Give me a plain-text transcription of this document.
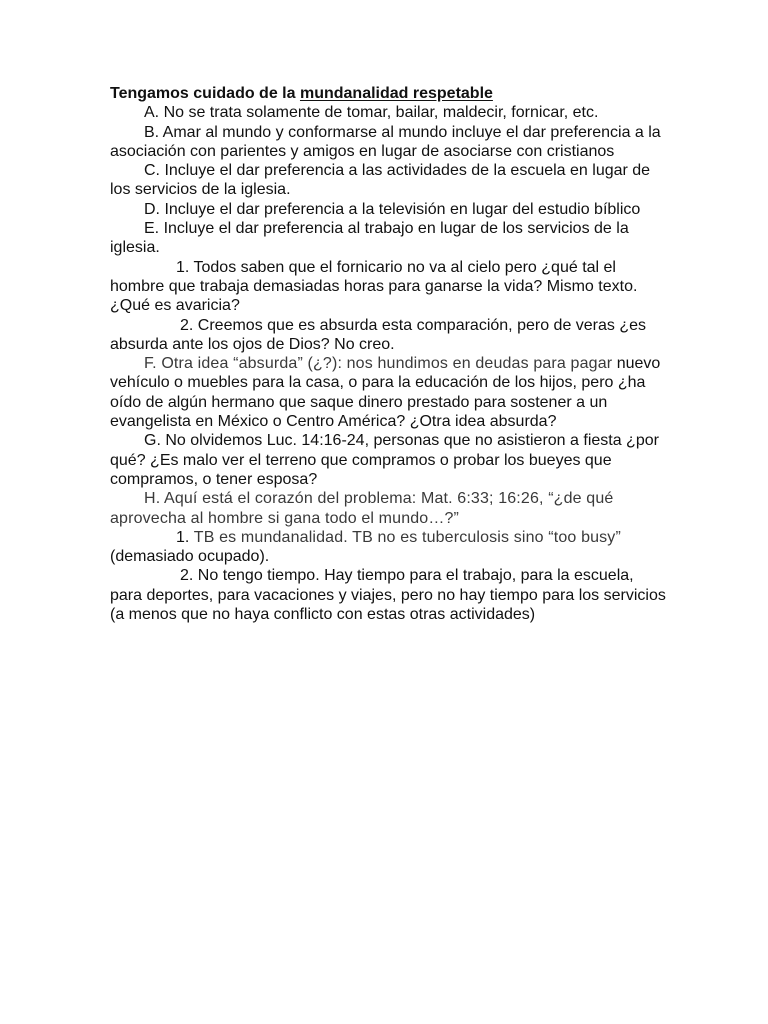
Tengamos cuidado de la mundanalidad respetable

A. No se trata solamente de tomar, bailar, maldecir, fornicar, etc.

B. Amar al mundo y conformarse al mundo incluye el dar preferencia a la asociación con parientes y amigos en lugar de asociarse con cristianos

C. Incluye el dar preferencia a las actividades de la escuela en lugar de los servicios de la iglesia.

D. Incluye el dar preferencia a la televisión en lugar del estudio bíblico

E. Incluye el dar preferencia al trabajo en lugar de los servicios de la iglesia.

1. Todos saben que el fornicario no va al cielo pero ¿qué tal el hombre que trabaja demasiadas horas para ganarse la vida? Mismo texto. ¿Qué es avaricia?

2. Creemos que es absurda esta comparación, pero de veras ¿es absurda ante los ojos de Dios? No creo.

F. Otra idea “absurda” (¿?): nos hundimos en deudas para pagar nuevo vehículo o muebles para la casa, o para la educación de los hijos, pero ¿ha oído de algún hermano que saque dinero prestado para sostener a un evangelista en México o Centro América? ¿Otra idea absurda?

G. No olvidemos Luc. 14:16-24, personas que no asistieron a fiesta ¿por qué? ¿Es malo ver el terreno que compramos o probar los bueyes que compramos, o tener esposa?

H. Aquí está el corazón del problema: Mat. 6:33; 16:26, “¿de qué aprovecha al hombre si gana todo el mundo…?”

1. TB es mundanalidad. TB no es tuberculosis sino “too busy” (demasiado ocupado).

2. No tengo tiempo. Hay tiempo para el trabajo, para la escuela, para deportes, para vacaciones y viajes, pero no hay tiempo para los servicios (a menos que no haya conflicto con estas otras actividades)
